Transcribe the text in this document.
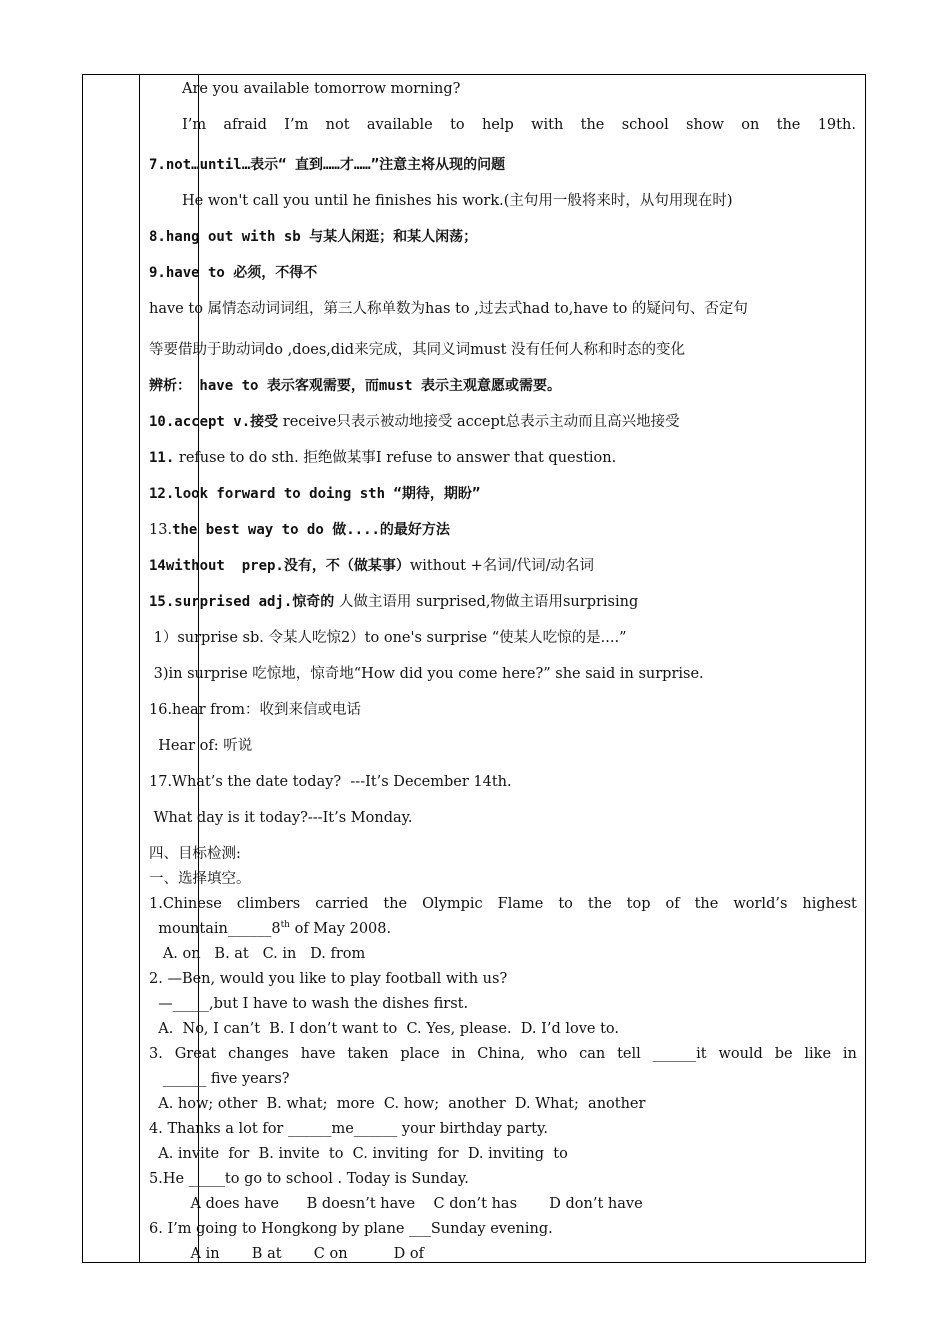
Are you available tomorrow morning?
I’m afraid I’m not available to help with the school show on the 19th.
7.not…until…表示“ 直到……才……”注意主将从现的问题
He won't call you until he finishes his work.(主句用一般将来时，从句用现在时)
8.hang out with sb 与某人闲逛；和某人闲荡；
9.have to 必须，不得不
have to 属情态动词词组，第三人称单数为has to ,过去式had to,have to 的疑问句、否定句
等要借助于助动词do ,does,did来完成，其同义词must 没有任何人称和时态的变化
辨析： have to 表示客观需要，而must 表示主观意愿或需要。
10.accept v.接受 receive只表示被动地接受 accept总表示主动而且高兴地接受
11. refuse to do sth. 拒绝做某事I refuse to answer that question.
12.look forward to doing sth “期待，期盼”
13.the best way to do 做....的最好方法
14without  prep.没有，不（做某事）without +名词/代词/动名词
15.surprised adj.惊奇的 人做主语用 surprised,物做主语用surprising
1）surprise sb. 令某人吃惊2）to one's surprise “使某人吃惊的是....”
3)in surprise 吃惊地，惊奇地“How did you come here?” she said in surprise.
16.hear from：收到来信或电话
Hear of: 听说
17.What’s the date today?  ---It’s December 14th.
What day is it today?---It’s Monday.
四、目标检测:
一、选择填空。
1.Chinese climbers carried the Olympic Flame to the top of the world’s highest
mountain______8th of May 2008.
A. on   B. at   C. in   D. from
2. —Ben, would you like to play football with us?
—_____,but I have to wash the dishes first.
A.  No, I can’t  B. I don’t want to  C. Yes, please.  D. I’d love to.
3. Great changes have taken place in China, who can tell ______it would be like in
______ five years?
A. how; other  B. what;  more  C. how;  another  D. What;  another
4. Thanks a lot for ______me______ your birthday party.
A. invite  for  B. invite  to  C. inviting  for  D. inviting  to
5.He _____to go to school . Today is Sunday.
A does have      B doesn’t have    C don’t has       D don’t have
6. I’m going to Hongkong by plane ___Sunday evening.
A in       B at       C on          D of
